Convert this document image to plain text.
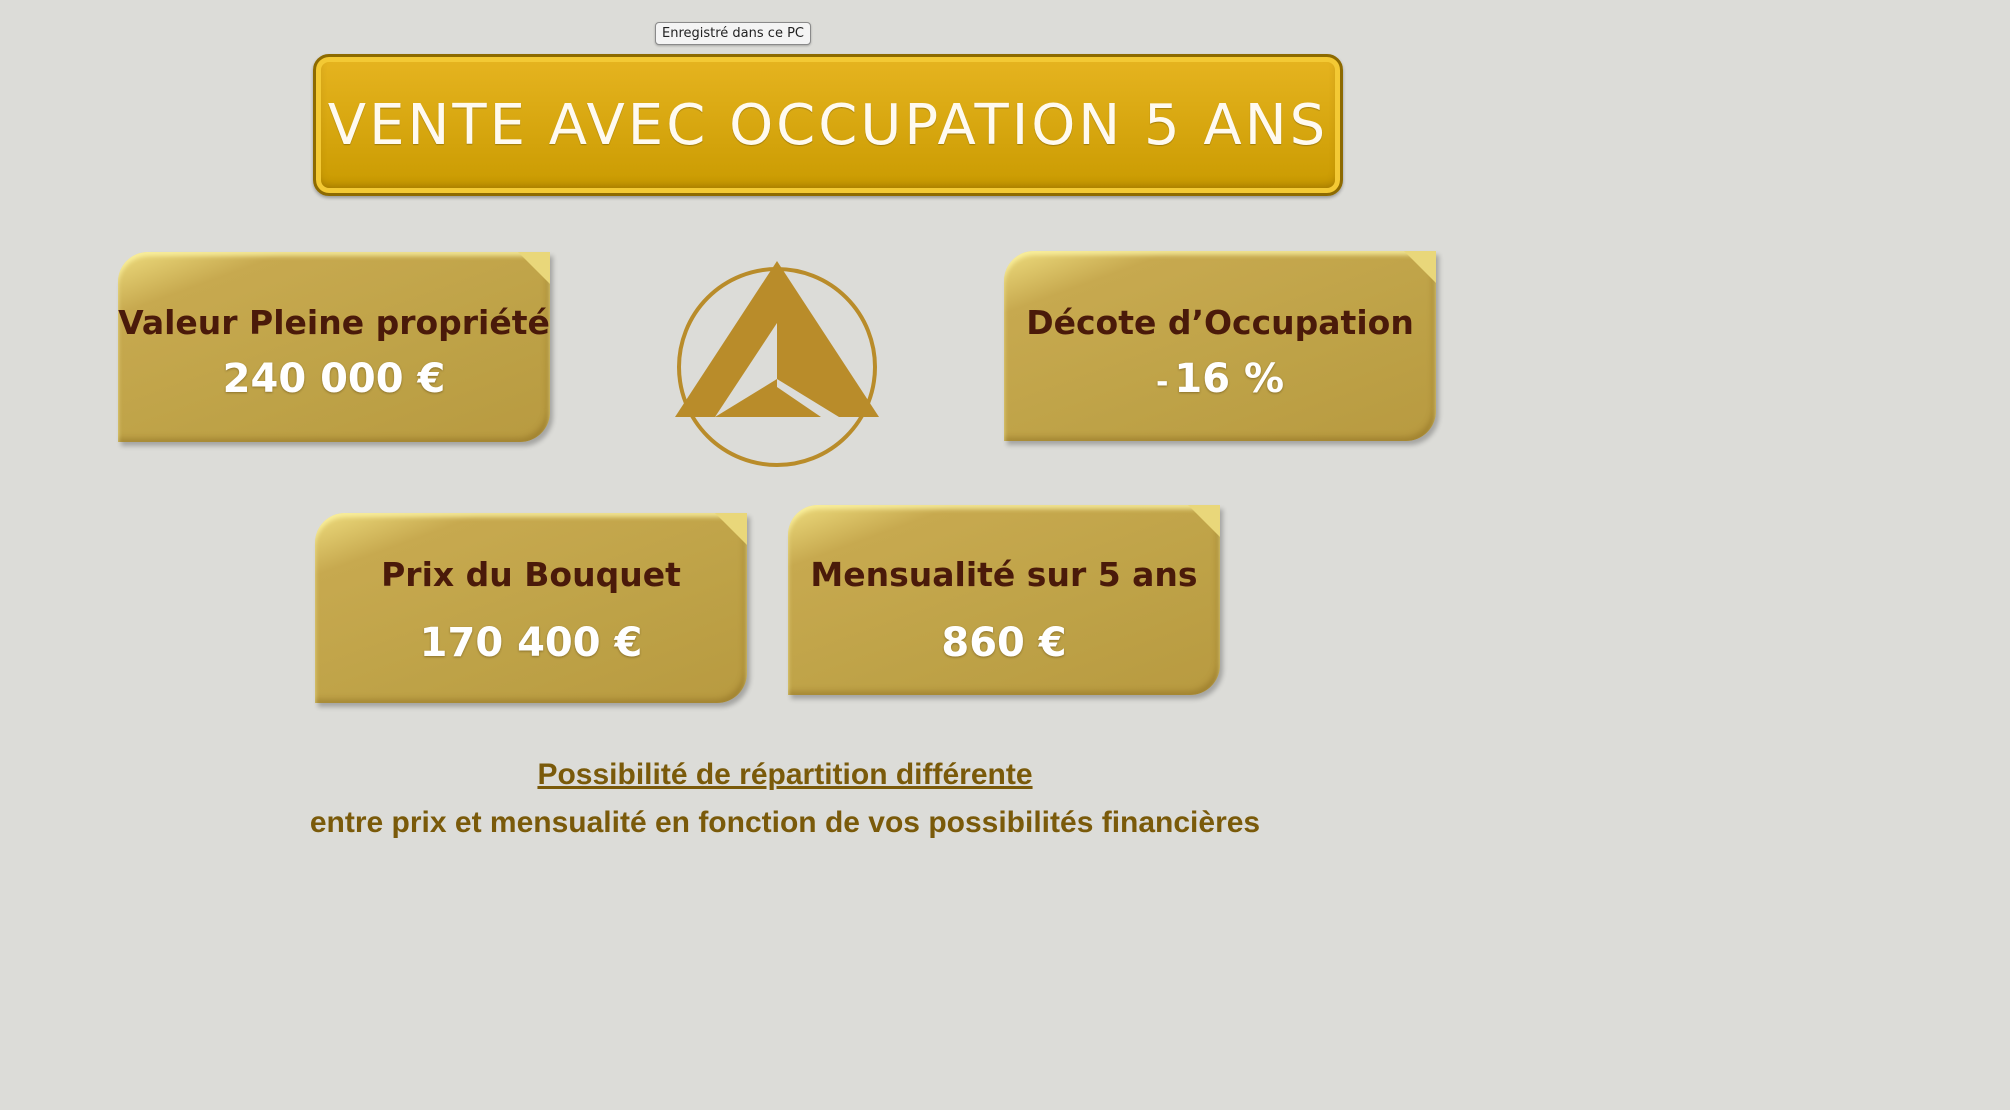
Enregistré dans ce PC
VENTE AVEC OCCUPATION 5 ANS
Valeur Pleine propriété
240 000 €
Décote d’Occupation
- 16 %
Prix du Bouquet
170 400 €
Mensualité sur 5 ans
860 €
Possibilité de répartition différente
entre prix et mensualité en fonction de vos possibilités financières
